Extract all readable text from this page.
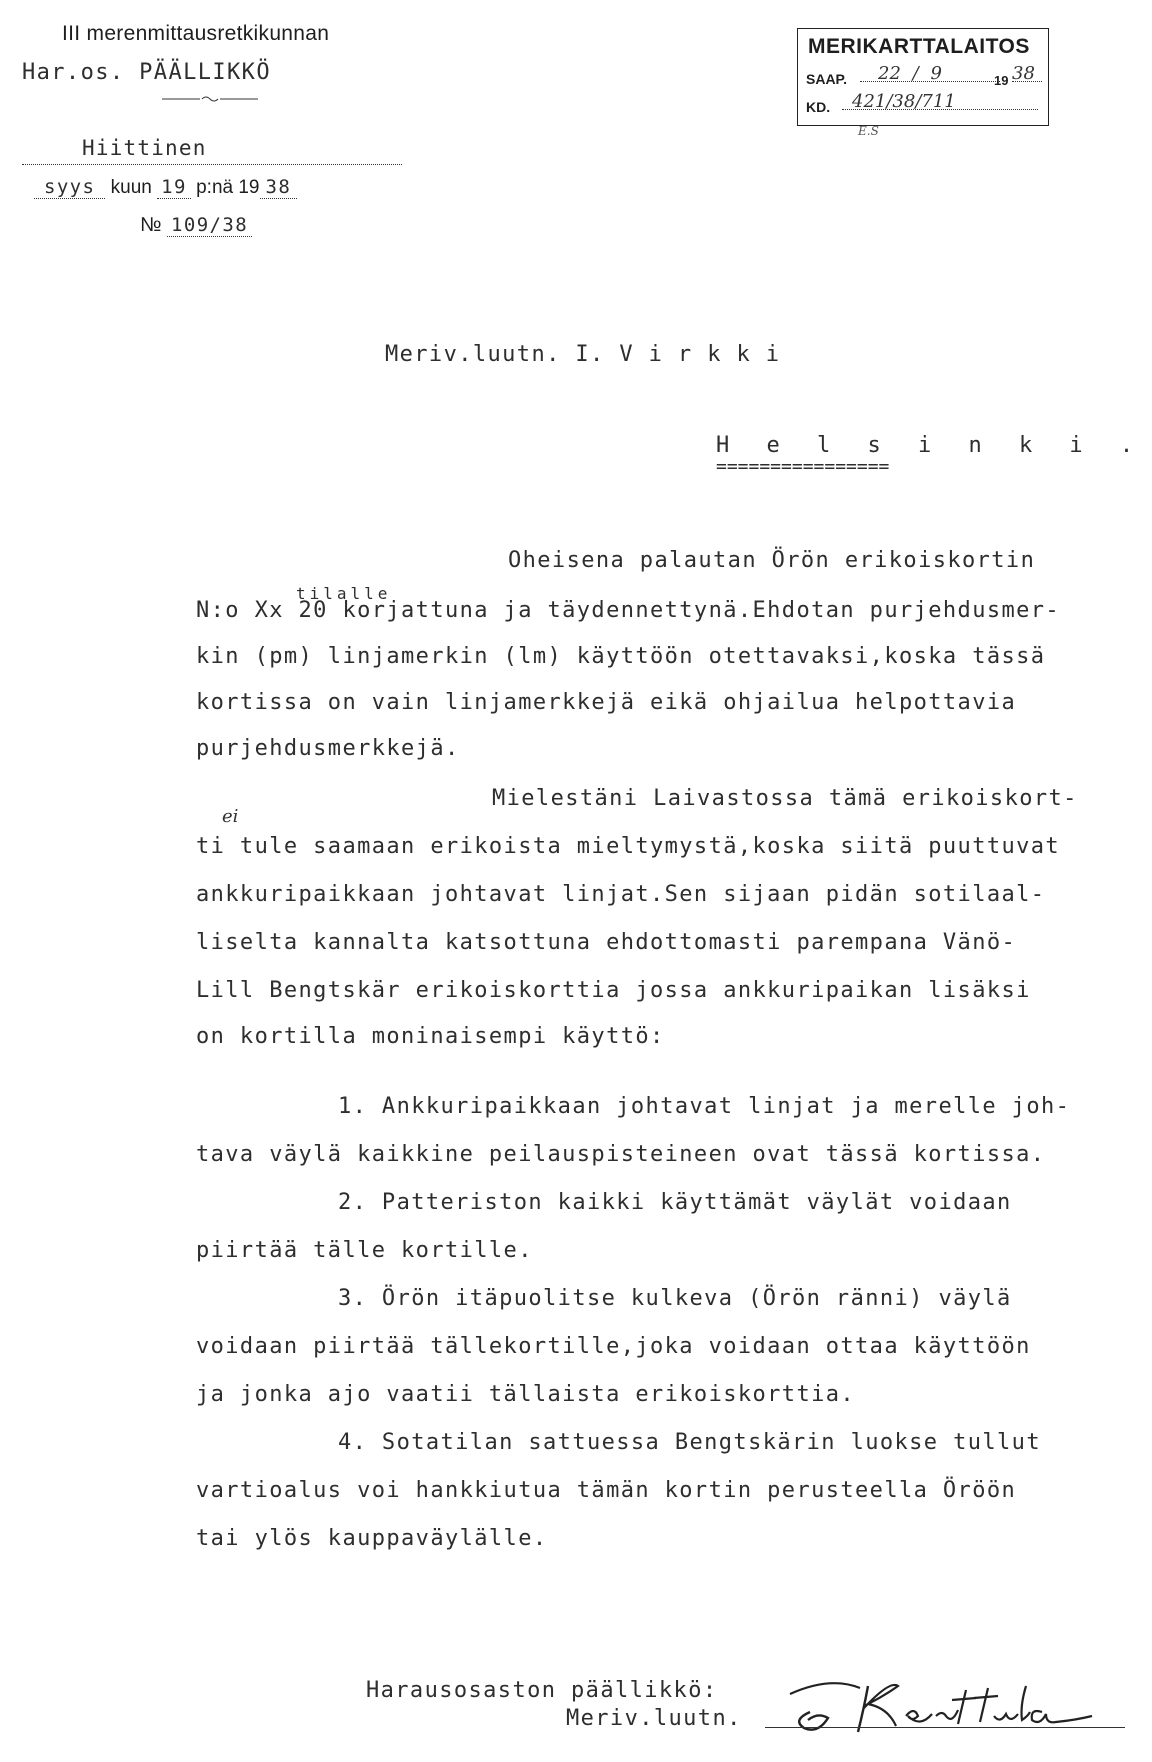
III merenmittausretkikunnan
Har.os. PÄÄLLIKKÖ
Hiittinen
syys kuun 19 p:nä 19 38
№ 109/38
MERIKARTTALAITOS
SAAP.	22 / 9	19 38
KD.	421/38/711
E.S
Meriv.luutn. I. V i r k k i
H e l s i n k i .
================
Oheisena palautan Örön erikoiskortin
tilalle
N:o Xx 20 korjattuna ja täydennettynä.Ehdotan purjehdusmer-
kin (pm) linjamerkin (lm) käyttöön otettavaksi,koska tässä
kortissa on vain linjamerkkejä eikä ohjailua helpottavia
purjehdusmerkkejä.
Mielestäni Laivastossa tämä erikoiskort-
ei
ti tule saamaan erikoista mieltymystä,koska siitä puuttuvat
ankkuripaikkaan johtavat linjat.Sen sijaan pidän sotilaal-
liselta kannalta katsottuna ehdottomasti parempana Vänö-
Lill Bengtskär erikoiskorttia jossa ankkuripaikan lisäksi
on kortilla moninaisempi käyttö:
1. Ankkuripaikkaan johtavat linjat ja merelle joh-
tava väylä kaikkine peilauspisteineen ovat tässä kortissa.
2. Patteriston kaikki käyttämät väylät voidaan
piirtää tälle kortille.
3. Örön itäpuolitse kulkeva (Örön ränni) väylä
voidaan piirtää tällekortille,joka voidaan ottaa käyttöön
ja jonka ajo vaatii tällaista erikoiskorttia.
4. Sotatilan sattuessa Bengtskärin luokse tullut
vartioalus voi hankkiutua tämän kortin perusteella Öröön
tai ylös kauppaväylälle.
Harausosaston päällikkö:
Meriv.luutn.
